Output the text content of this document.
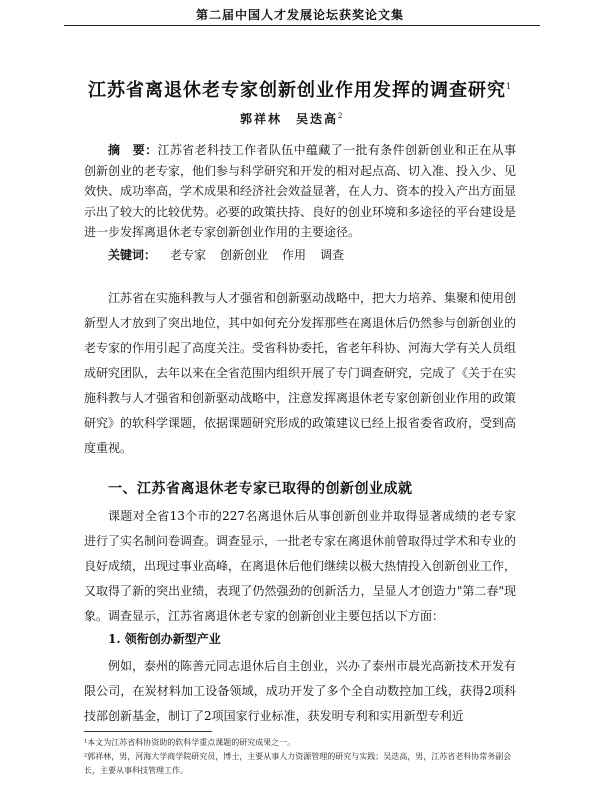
第二届中国人才发展论坛获奖论文集
江苏省离退休老专家创新创业作用发挥的调查研究$^1$
郭祥林　吴迭高$^2$
摘　要：江苏省老科技工作者队伍中蕴藏了一批有条件创新创业和正在从事创新创业的老专家，他们参与科学研究和开发的相对起点高、切入准、投入少、见效快、成功率高，学术成果和经济社会效益显著，在人力、资本的投入产出方面显示出了较大的比较优势。必要的政策扶持、良好的创业环境和多途径的平台建设是进一步发挥离退休老专家创新创业作用的主要途径。
关键词： 老专家 创新创业 作用 调查
江苏省在实施科教与人才强省和创新驱动战略中，把大力培养、集聚和使用创新型人才放到了突出地位，其中如何充分发挥那些在离退休后仍然参与创新创业的老专家的作用引起了高度关注。受省科协委托，省老年科协、河海大学有关人员组成研究团队，去年以来在全省范围内组织开展了专门调查研究，完成了《关于在实施科教与人才强省和创新驱动战略中，注意发挥离退休老专家创新创业作用的政策研究》的软科学课题，依据课题研究形成的政策建议已经上报省委省政府，受到高度重视。
一、江苏省离退休老专家已取得的创新创业成就
课题对全省13个市的227名离退休后从事创新创业并取得显著成绩的老专家进行了实名制问卷调查。调查显示，一批老专家在离退休前曾取得过学术和专业的良好成绩，出现过事业高峰，在离退休后他们继续以极大热情投入创新创业工作，又取得了新的突出业绩，表现了仍然强劲的创新活力，呈显人才创造力"第二春"现象。调查显示，江苏省离退休老专家的创新创业主要包括以下方面：
1. 领衔创办新型产业
例如，泰州的陈善元同志退休后自主创业，兴办了泰州市晨光高新技术开发有限公司，在炭材料加工设备领域，成功开发了多个全自动数控加工线，获得2项科技部创新基金，制订了2项国家行业标准，获发明专利和实用新型专利近

¹本文为江苏省科协资助的软科学重点课题的研究成果之一。

²郭祥林，男，河海大学商学院研究员，博士，主要从事人力资源管理的研究与实践；吴迭高，男，江苏省老科协常务副会长，主要从事科技管理工作。
